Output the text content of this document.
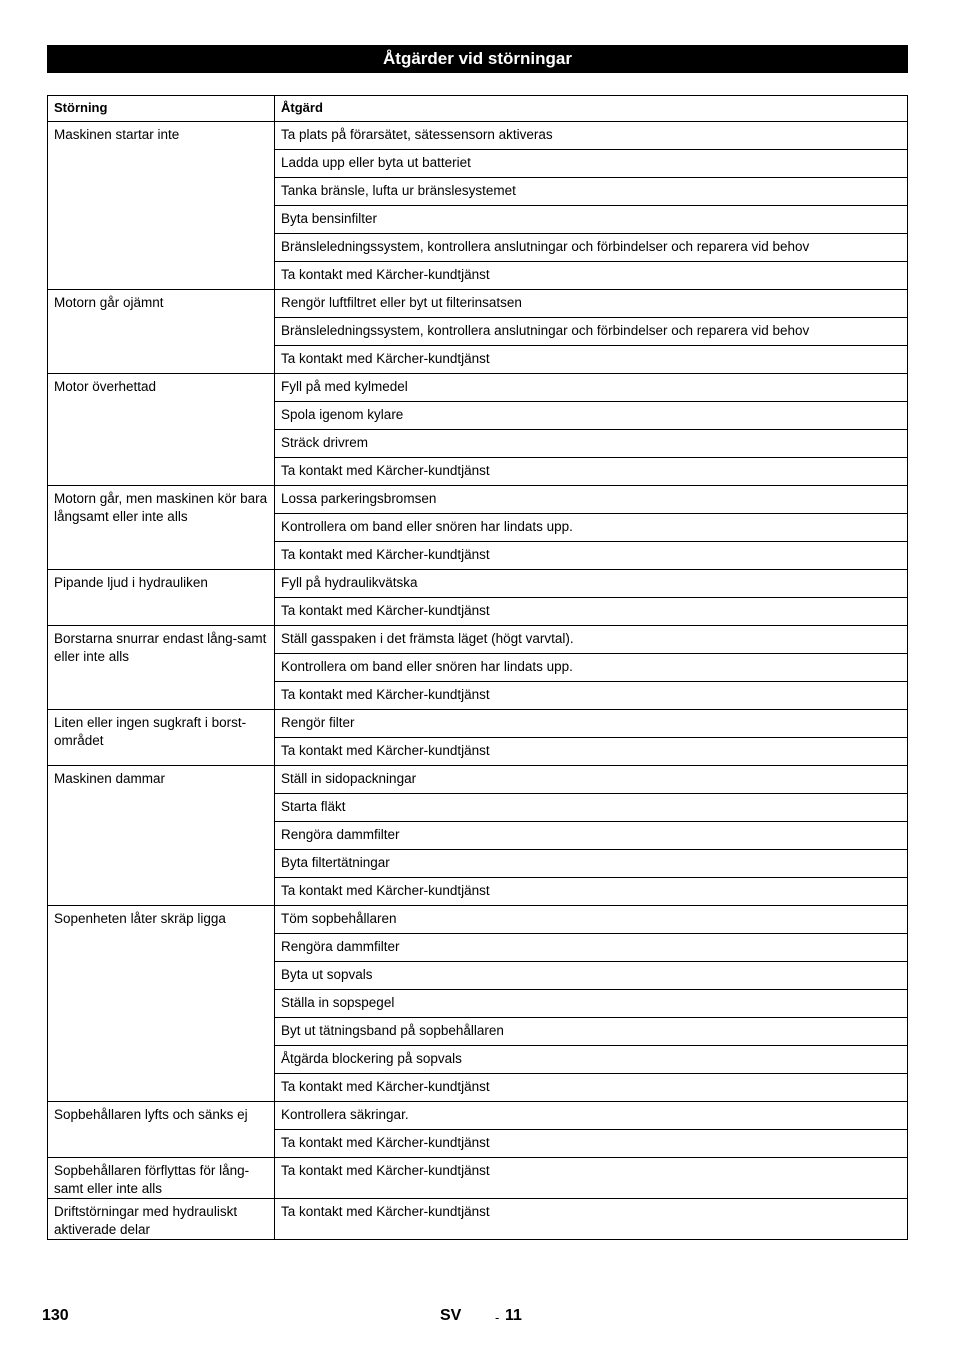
Åtgärder vid störningar
Störning	Åtgärd
Maskinen startar inte	Ta plats på förarsätet, sätessensorn aktiveras
	Ladda upp eller byta ut batteriet
	Tanka bränsle, lufta ur bränslesystemet
	Byta bensinfilter
	Bränsleledningssystem, kontrollera anslutningar och förbindelser och reparera vid behov
	Ta kontakt med Kärcher-kundtjänst
Motorn går ojämnt	Rengör luftfiltret eller byt ut filterinsatsen
	Bränsleledningssystem, kontrollera anslutningar och förbindelser och reparera vid behov
	Ta kontakt med Kärcher-kundtjänst
Motor överhettad	Fyll på med kylmedel
	Spola igenom kylare
	Sträck drivrem
	Ta kontakt med Kärcher-kundtjänst
Motorn går, men maskinen kör bara långsamt eller inte alls	Lossa parkeringsbromsen
	Kontrollera om band eller snören har lindats upp.
	Ta kontakt med Kärcher-kundtjänst
Pipande ljud i hydrauliken	Fyll på hydraulikvätska
	Ta kontakt med Kärcher-kundtjänst
Borstarna snurrar endast lång-samt eller inte alls	Ställ gasspaken i det främsta läget (högt varvtal).
	Kontrollera om band eller snören har lindats upp.
	Ta kontakt med Kärcher-kundtjänst
Liten eller ingen sugkraft i borst-området	Rengör filter
	Ta kontakt med Kärcher-kundtjänst
Maskinen dammar	Ställ in sidopackningar
	Starta fläkt
	Rengöra dammfilter
	Byta filtertätningar
	Ta kontakt med Kärcher-kundtjänst
Sopenheten låter skräp ligga	Töm sopbehållaren
	Rengöra dammfilter
	Byta ut sopvals
	Ställa in sopspegel
	Byt ut tätningsband på sopbehållaren
	Åtgärda blockering på sopvals
	Ta kontakt med Kärcher-kundtjänst
Sopbehållaren lyfts och sänks ej	Kontrollera säkringar.
	Ta kontakt med Kärcher-kundtjänst
Sopbehållaren förflyttas för lång-samt eller inte alls	Ta kontakt med Kärcher-kundtjänst
Driftstörningar med hydrauliskt aktiverade delar	Ta kontakt med Kärcher-kundtjänst
130	SV	- 11
